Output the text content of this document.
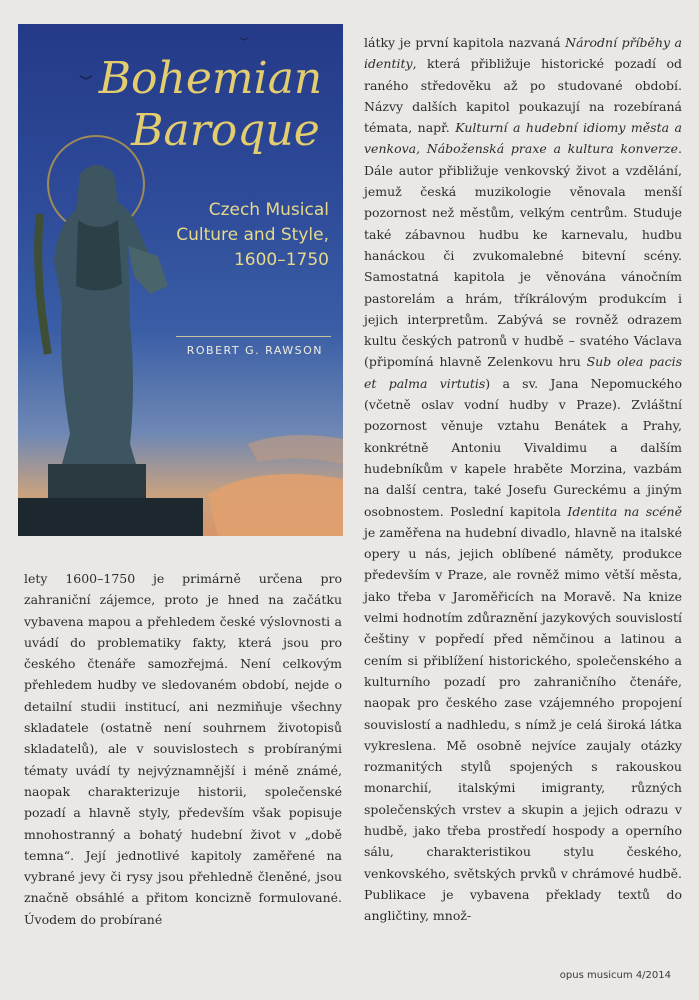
Bohemian
Baroque
Czech Musical
Culture and Style,
1600–1750
ROBERT G. RAWSON

lety 1600–1750 je primárně určena pro zahraniční zájemce, proto je hned na začátku vybavena mapou a přehledem české výslovnosti a uvádí do problematiky fakty, která jsou pro českého čtenáře samozřejmá. Není celkovým přehledem hudby ve sledovaném období, nejde o detailní studii institucí, ani nezmiňuje všechny skladatele (ostatně není souhrnem životopisů skladatelů), ale v souvislostech s probíranými tématy uvádí ty nejvýznamnější i méně známé, naopak charakterizuje historii, společenské pozadí a hlavně styly, především však popisuje mnohostranný a bohatý hudební život v „době temna“. Její jednotlivé kapitoly zaměřené na vybrané jevy či rysy jsou přehledně členěné, jsou značně obsáhlé a přitom koncizně formulované. Úvodem do probírané

látky je první kapitola nazvaná Národní příběhy a identity, která přibližuje historické pozadí od raného středověku až po studované období. Názvy dalších kapitol poukazují na rozebíraná témata, např. Kulturní a hudební idiomy města a venkova, Náboženská praxe a kultura konverze. Dále autor přibližuje venkovský život a vzdělání, jemuž česká muzikologie věnovala menší pozornost než městům, velkým centrům. Studuje také zábavnou hudbu ke karnevalu, hudbu hanáckou či zvukomalebné bitevní scény. Samostatná kapitola je věnována vánočním pastorelám a hrám, tříkrálovým produkcím i jejich interpretům. Zabývá se rovněž odrazem kultu českých patronů v hudbě – svatého Václava (připomíná hlavně Zelenkovu hru Sub olea pacis et palma virtutis) a sv. Jana Nepomuckého (včetně oslav vodní hudby v Praze). Zvláštní pozornost věnuje vztahu Benátek a Prahy, konkrétně Antoniu Vivaldimu a dalším hudebníkům v kapele hraběte Morzina, vazbám na další centra, také Josefu Gureckému a jiným osobnostem. Poslední kapitola Identita na scéně je zaměřena na hudební divadlo, hlavně na italské opery u nás, jejich oblíbené náměty, produkce především v Praze, ale rovněž mimo větší města, jako třeba v Jaroměřicích na Moravě. Na knize velmi hodnotím zdůraznění jazykových souvislostí češtiny v popředí před němčinou a latinou a cením si přiblížení historického, společenského a kulturního pozadí pro zahraničního čtenáře, naopak pro českého zase vzájemného propojení souvislostí a nadhledu, s nímž je celá široká látka vykreslena. Mě osobně nejvíce zaujaly otázky rozmanitých stylů spojených s rakouskou monarchií, italskými imigranty, různých společenských vrstev a skupin a jejich odrazu v hudbě, jako třeba prostředí hospody a operního sálu, charakteristikou stylu českého, venkovského, světských prvků v chrámové hudbě. Publikace je vybavena překlady textů do angličtiny, množ-

opus musicum 4/2014
